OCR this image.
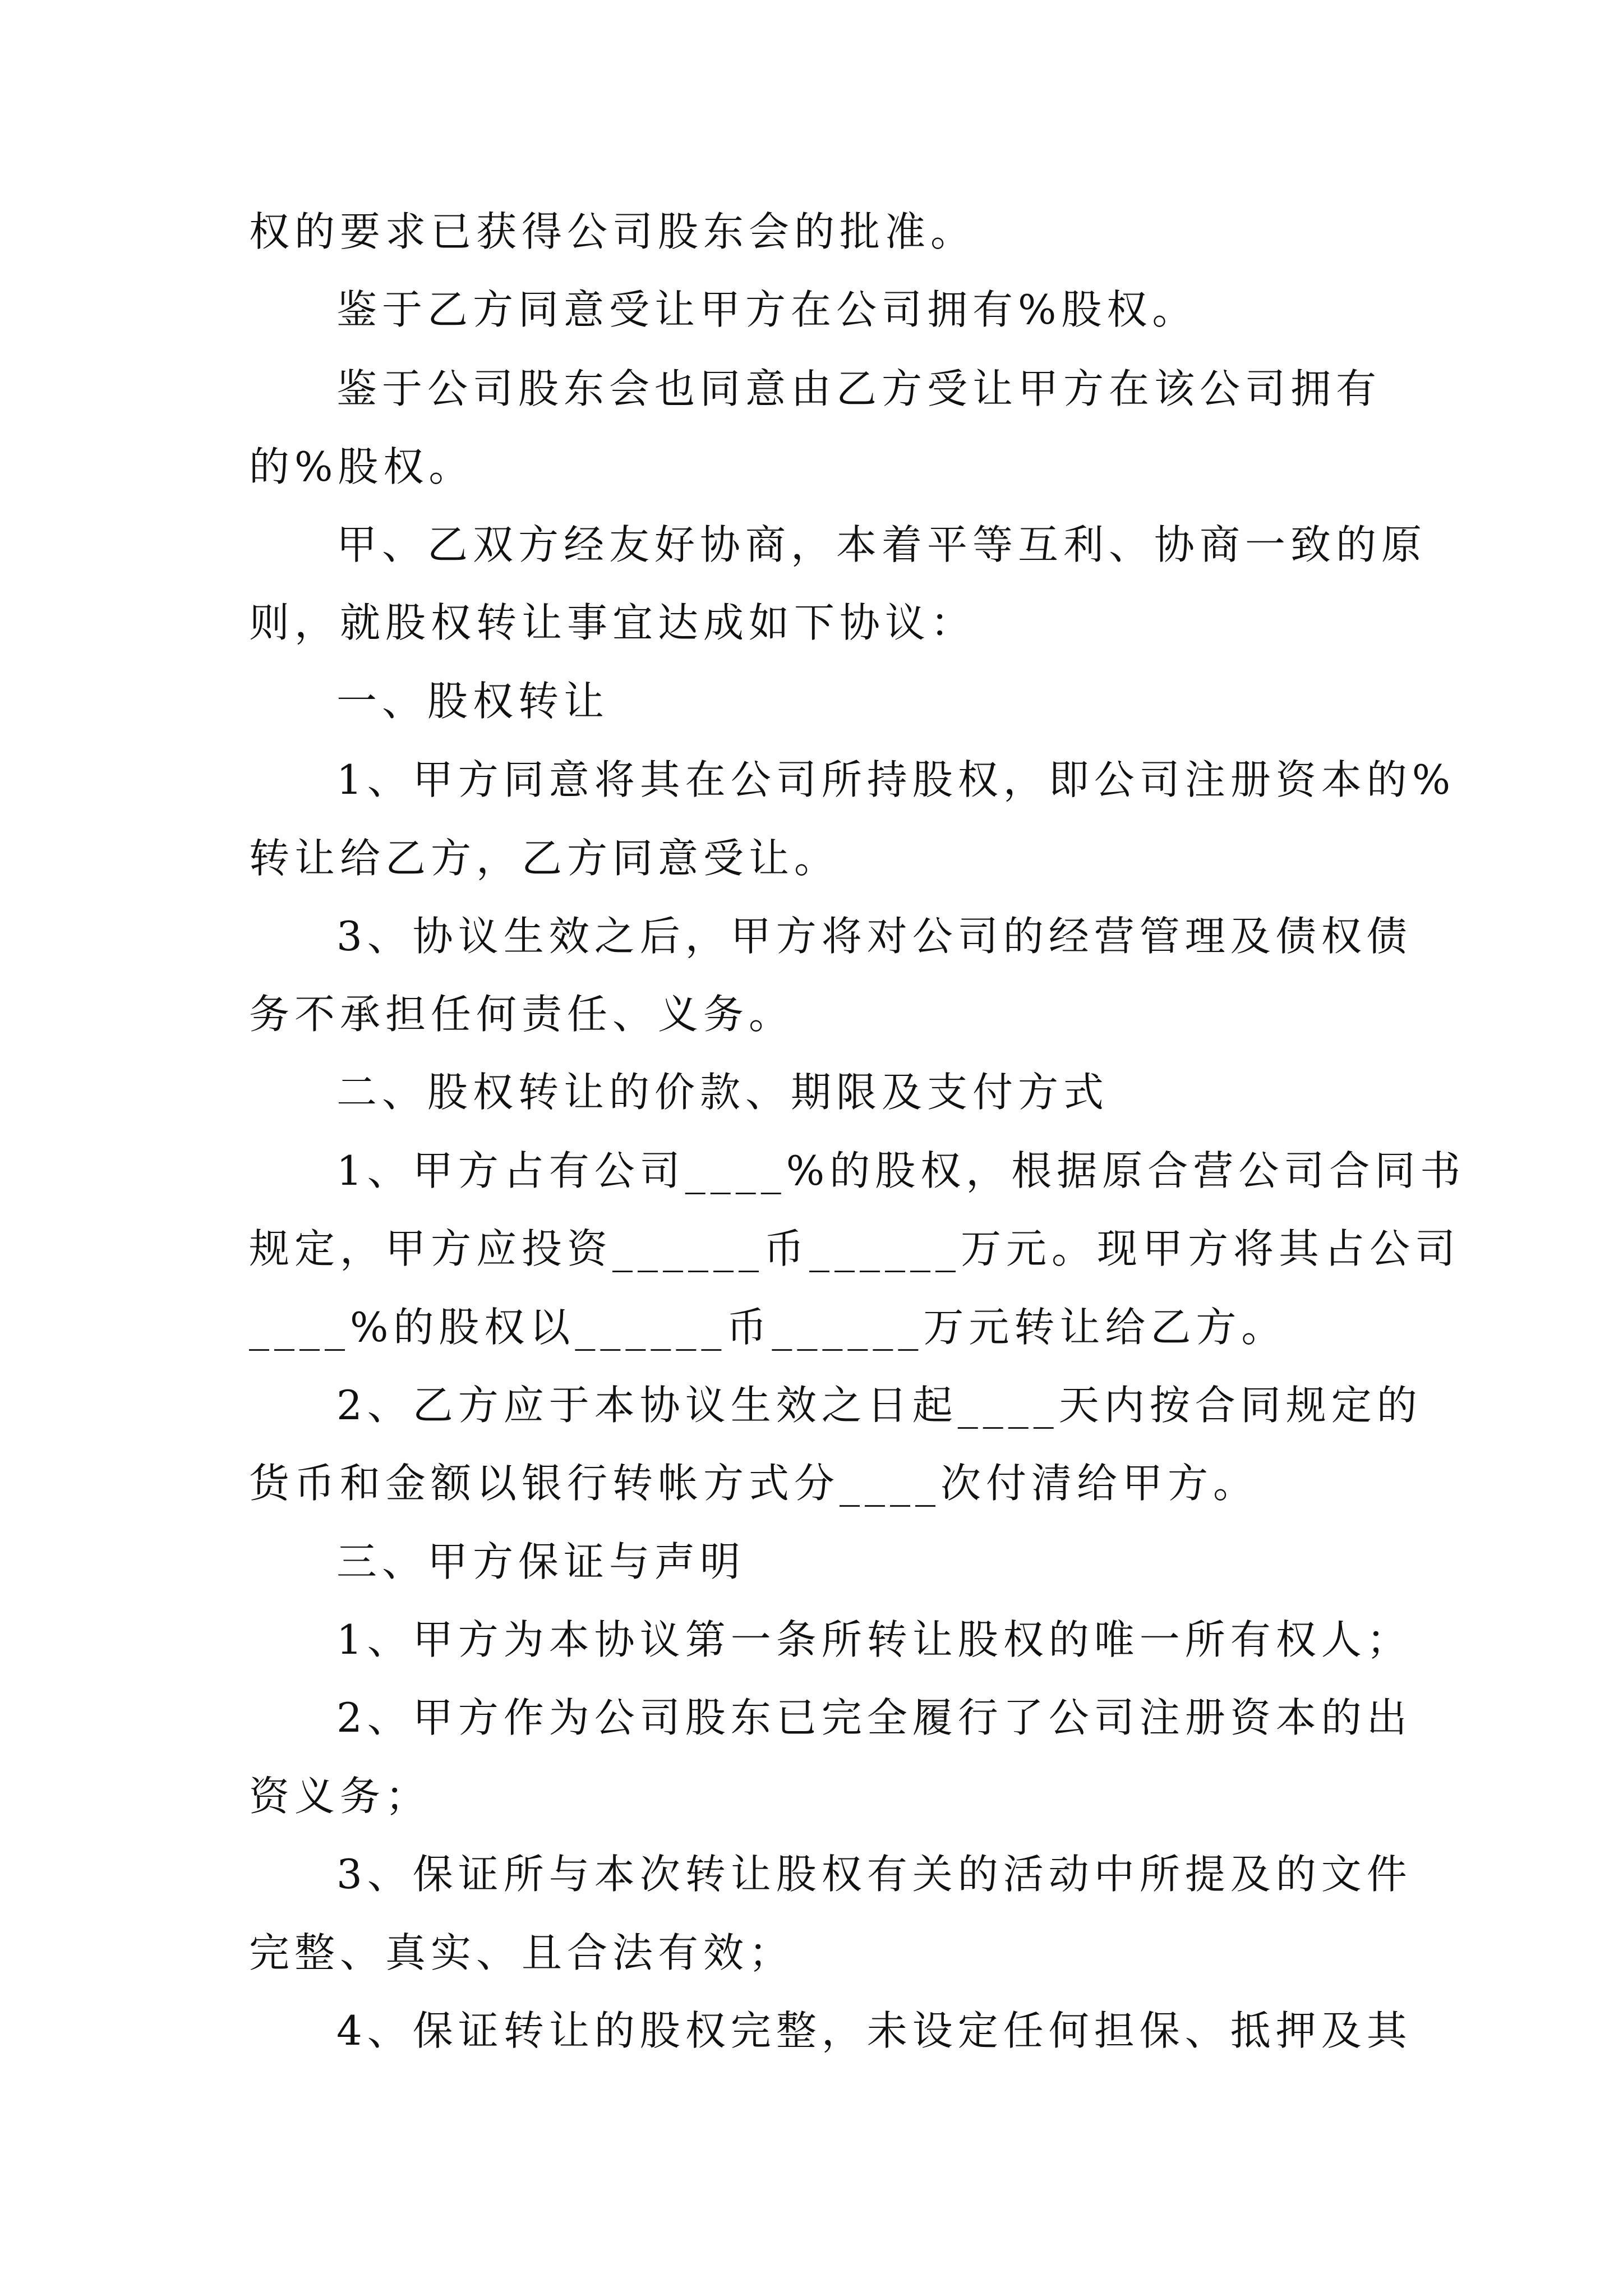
权的要求已获得公司股东会的批准。
鉴于乙方同意受让甲方在公司拥有%股权。
鉴于公司股东会也同意由乙方受让甲方在该公司拥有
的%股权。
甲、乙双方经友好协商，本着平等互利、协商一致的原
则，就股权转让事宜达成如下协议：
一、股权转让
1、甲方同意将其在公司所持股权，即公司注册资本的%
转让给乙方，乙方同意受让。
3、协议生效之后，甲方将对公司的经营管理及债权债
务不承担任何责任、义务。
二、股权转让的价款、期限及支付方式
1、甲方占有公司____%的股权，根据原合营公司合同书
规定，甲方应投资______币______万元。现甲方将其占公司
____%的股权以______币______万元转让给乙方。
2、乙方应于本协议生效之日起____天内按合同规定的
货币和金额以银行转帐方式分____次付清给甲方。
三、甲方保证与声明
1、甲方为本协议第一条所转让股权的唯一所有权人；
2、甲方作为公司股东已完全履行了公司注册资本的出
资义务；
3、保证所与本次转让股权有关的活动中所提及的文件
完整、真实、且合法有效；
4、保证转让的股权完整，未设定任何担保、抵押及其
